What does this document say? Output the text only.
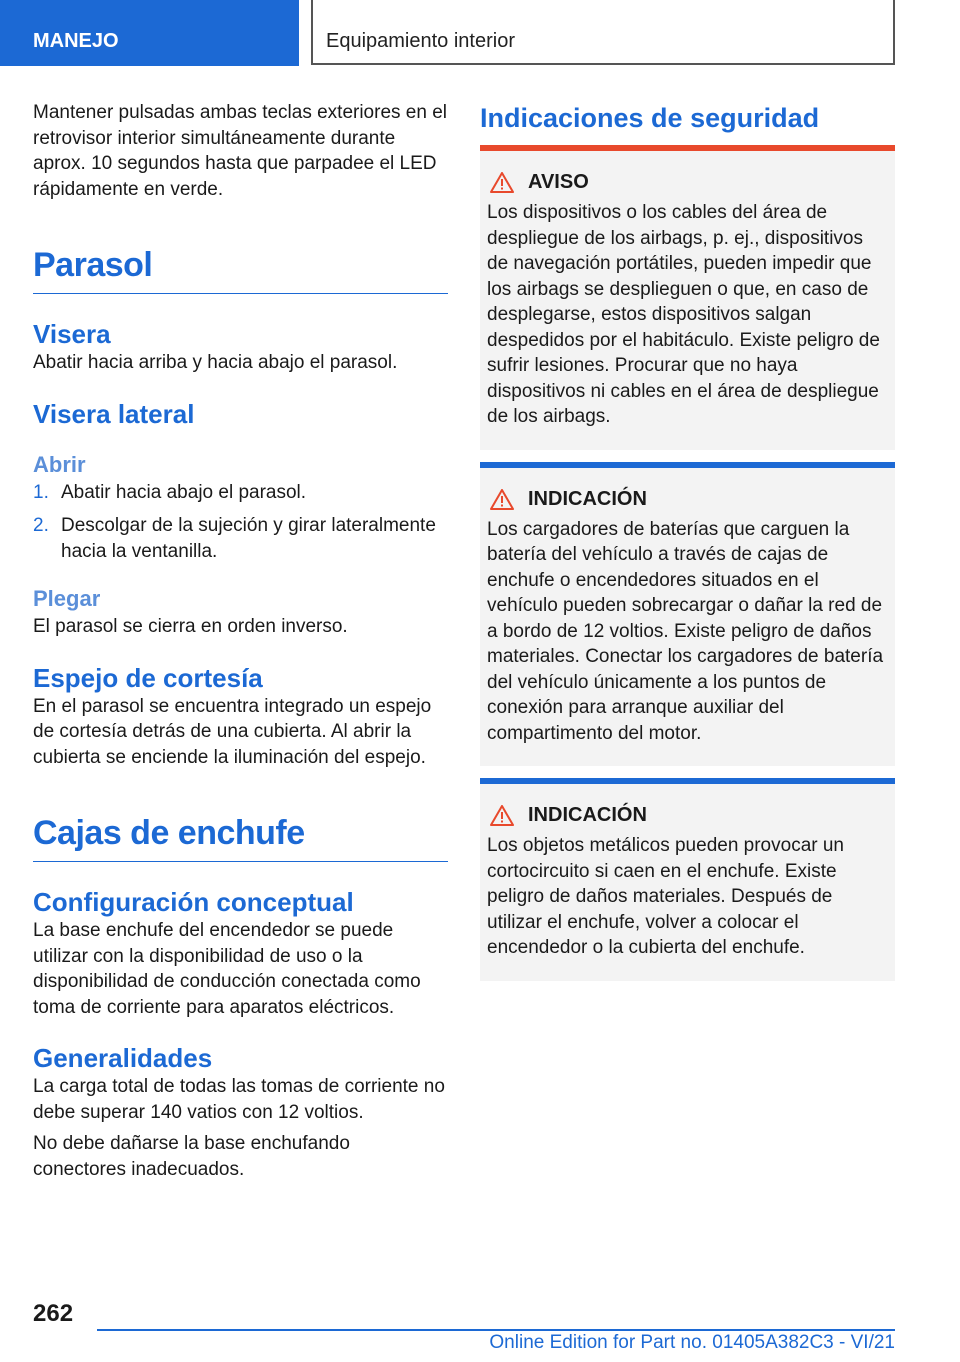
MANEJO	Equipamiento interior

Mantener pulsadas ambas teclas exteriores en el retrovisor interior simultáneamente durante aprox. 10 segundos hasta que parpadee el LED rápidamente en verde.

Parasol
Visera

Abatir hacia arriba y hacia abajo el parasol.

Visera lateral
Abrir
1. Abatir hacia abajo el parasol.
2. Descolgar de la sujeción y girar lateralmente hacia la ventanilla.
Plegar

El parasol se cierra en orden inverso.

Espejo de cortesía

En el parasol se encuentra integrado un espejo de cortesía detrás de una cubierta. Al abrir la cubierta se enciende la iluminación del espejo.

Cajas de enchufe
Configuración conceptual

La base enchufe del encendedor se puede utilizar con la disponibilidad de uso o la disponibilidad de conducción conectada como toma de corriente para aparatos eléctricos.

Generalidades

La carga total de todas las tomas de corriente no debe superar 140 vatios con 12 voltios.

No debe dañarse la base enchufando conectores inadecuados.

Indicaciones de seguridad
AVISO

Los dispositivos o los cables del área de despliegue de los airbags, p. ej., dispositivos de navegación portátiles, pueden impedir que los airbags se desplieguen o que, en caso de desplegarse, estos dispositivos salgan despedidos por el habitáculo. Existe peligro de sufrir lesiones. Procurar que no haya dispositivos ni cables en el área de despliegue de los airbags.

INDICACIÓN

Los cargadores de baterías que carguen la batería del vehículo a través de cajas de enchufe o encendedores situados en el vehículo pueden sobrecargar o dañar la red de a bordo de 12 voltios. Existe peligro de daños materiales. Conectar los cargadores de batería del vehículo únicamente a los puntos de conexión para arranque auxiliar del compartimento del motor.

INDICACIÓN

Los objetos metálicos pueden provocar un cortocircuito si caen en el enchufe. Existe peligro de daños materiales. Después de utilizar el enchufe, volver a colocar el encendedor o la cubierta del enchufe.

262
Online Edition for Part no. 01405A382C3 - VI/21
